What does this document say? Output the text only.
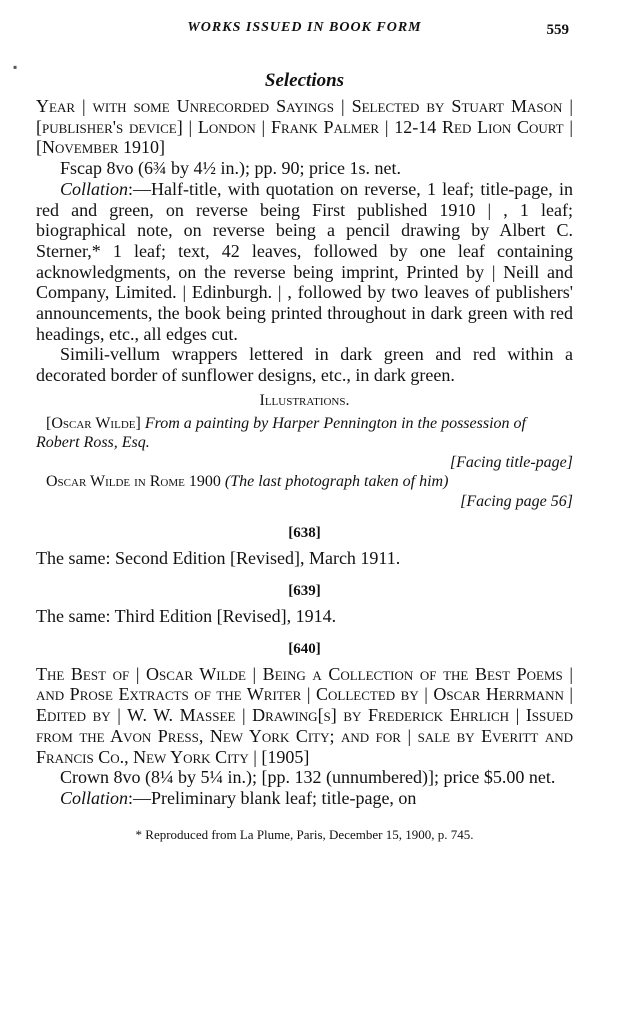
▪
WORKS ISSUED IN BOOK FORM	559
Selections

Year | with some Unrecorded Sayings | Selected by Stuart Mason | [publisher's device] | London | Frank Palmer | 12-14 Red Lion Court | [November 1910]

Fscap 8vo (6¾ by 4½ in.); pp. 90; price 1s. net.

Collation:—Half-title, with quotation on reverse, 1 leaf; title-page, in red and green, on reverse being First published 1910 | , 1 leaf; biographical note, on reverse being a pencil drawing by Albert C. Sterner,* 1 leaf; text, 42 leaves, followed by one leaf containing acknowledgments, on the reverse being imprint, Printed by | Neill and Company, Limited. | Edinburgh. | , followed by two leaves of publishers' announcements, the book being printed throughout in dark green with red headings, etc., all edges cut.

Simili-vellum wrappers lettered in dark green and red within a decorated border of sunflower designs, etc., in dark green.

Illustrations.
[Oscar Wilde] From a painting by Harper Pennington in the possession of Robert Ross, Esq.
[Facing title-page]
Oscar Wilde in Rome 1900 (The last photograph taken of him)
[Facing page 56]
[638]

The same: Second Edition [Revised], March 1911.

[639]

The same: Third Edition [Revised], 1914.

[640]

The Best of | Oscar Wilde | Being a Collection of the Best Poems | and Prose Extracts of the Writer | Collected by | Oscar Herrmann | Edited by | W. W. Massee | Drawing[s] by Frederick Ehrlich | Issued from the Avon Press, New York City; and for | sale by Everitt and Francis Co., New York City | [1905]

Crown 8vo (8¼ by 5¼ in.); [pp. 132 (unnumbered)]; price $5.00 net.

Collation:—Preliminary blank leaf; title-page, on

* Reproduced from La Plume, Paris, December 15, 1900, p. 745.
